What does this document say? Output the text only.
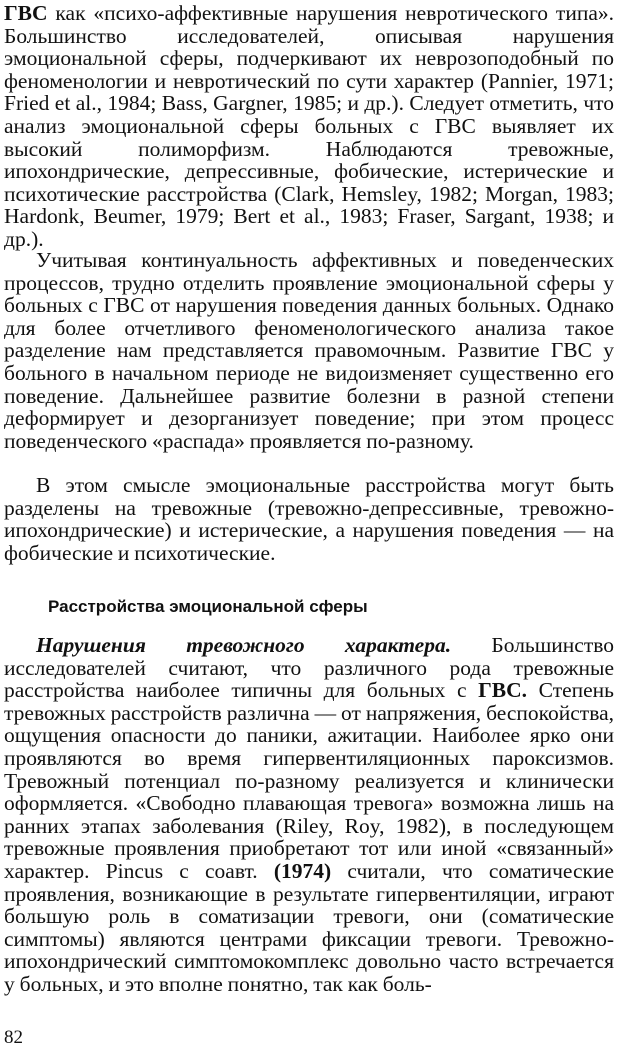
ГВС как «психо-аффективные нарушения невротического типа». Большинство исследователей, описывая нарушения эмоциональной сферы, подчеркивают их неврозоподобный по феноменологии и невротический по сути характер (Pannier, 1971; Fried et al., 1984; Bass, Gargner, 1985; и др.). Следует отметить, что анализ эмоциональной сферы больных с ГВС выявляет их высокий полиморфизм. Наблюдаются тревожные, ипохондрические, депрессивные, фобические, истерические и психотические расстройства (Clark, Hemsley, 1982; Morgan, 1983; Hardonk, Beumer, 1979; Bert et al., 1983; Fraser, Sargant, 1938; и др.).

Учитывая континуальность аффективных и поведенческих процессов, трудно отделить проявление эмоциональной сферы у больных с ГВС от нарушения поведения данных больных. Однако для более отчетливого феноменологического анализа такое разделение нам представляется правомочным. Развитие ГВС у больного в начальном периоде не видоизменяет существенно его поведение. Дальнейшее развитие болезни в разной степени деформирует и дезорганизует поведение; при этом процесс поведенческого «распада» проявляется по-разному.

В этом смысле эмоциональные расстройства могут быть разделены на тревожные (тревожно-депрессивные, тревожно-ипохондрические) и истерические, а нарушения поведения — на фобические и психотические.

Расстройства эмоциональной сферы

Нарушения тревожного характера. Большинство исследователей считают, что различного рода тревожные расстройства наиболее типичны для больных с ГВС. Степень тревожных расстройств различна — от напряжения, беспокойства, ощущения опасности до паники, ажитации. Наиболее ярко они проявляются во время гипервентиляционных пароксизмов. Тревожный потенциал по-разному реализуется и клинически оформляется. «Свободно плавающая тревога» возможна лишь на ранних этапах заболевания (Riley, Roy, 1982), в последующем тревожные проявления приобретают тот или иной «связанный» характер. Pincus с соавт. (1974) считали, что соматические проявления, возникающие в результате гипервентиляции, играют большую роль в соматизации тревоги, они (соматические симптомы) являются центрами фиксации тревоги. Тревожно-ипохондрический симптомокомплекс довольно часто встречается у больных, и это вполне понятно, так как боль-

82
